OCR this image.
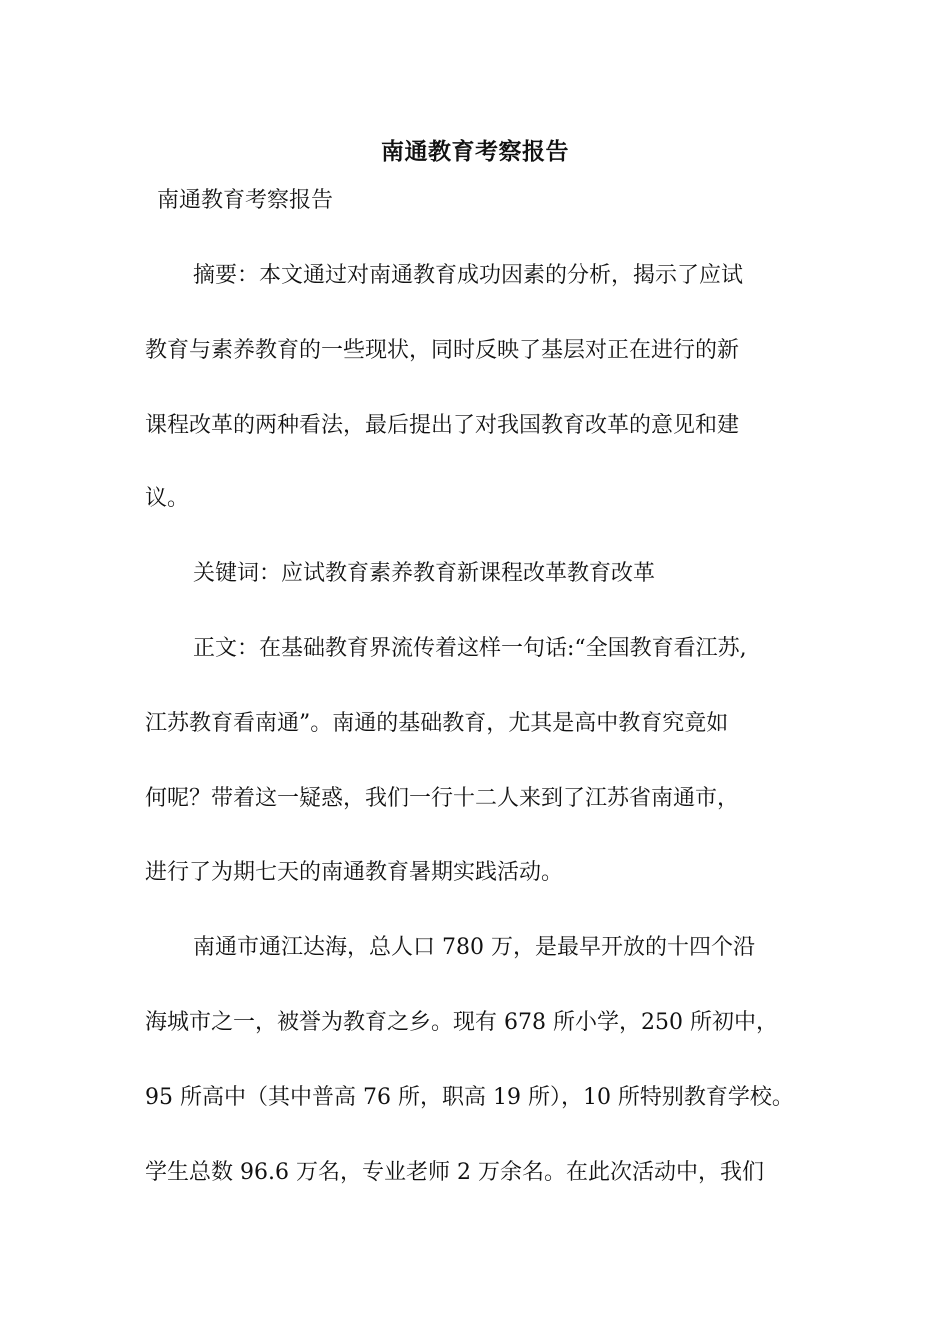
南通教育考察报告
南通教育考察报告
摘要：本文通过对南通教育成功因素的分析，揭示了应试
教育与素养教育的一些现状，同时反映了基层对正在进行的新
课程改革的两种看法，最后提出了对我国教育改革的意见和建
议。
关键词：应试教育素养教育新课程改革教育改革
正文：在基础教育界流传着这样一句话:“全国教育看江苏,
江苏教育看南通”。南通的基础教育，尤其是高中教育究竟如
何呢？带着这一疑惑，我们一行十二人来到了江苏省南通市，
进行了为期七天的南通教育暑期实践活动。
南通市通江达海，总人口 780 万，是最早开放的十四个沿
海城市之一，被誉为教育之乡。现有 678 所小学，250 所初中，
95 所高中（其中普高 76 所，职高 19 所），10 所特别教育学校。
学生总数 96.6 万名，专业老师 2 万余名。在此次活动中，我们
